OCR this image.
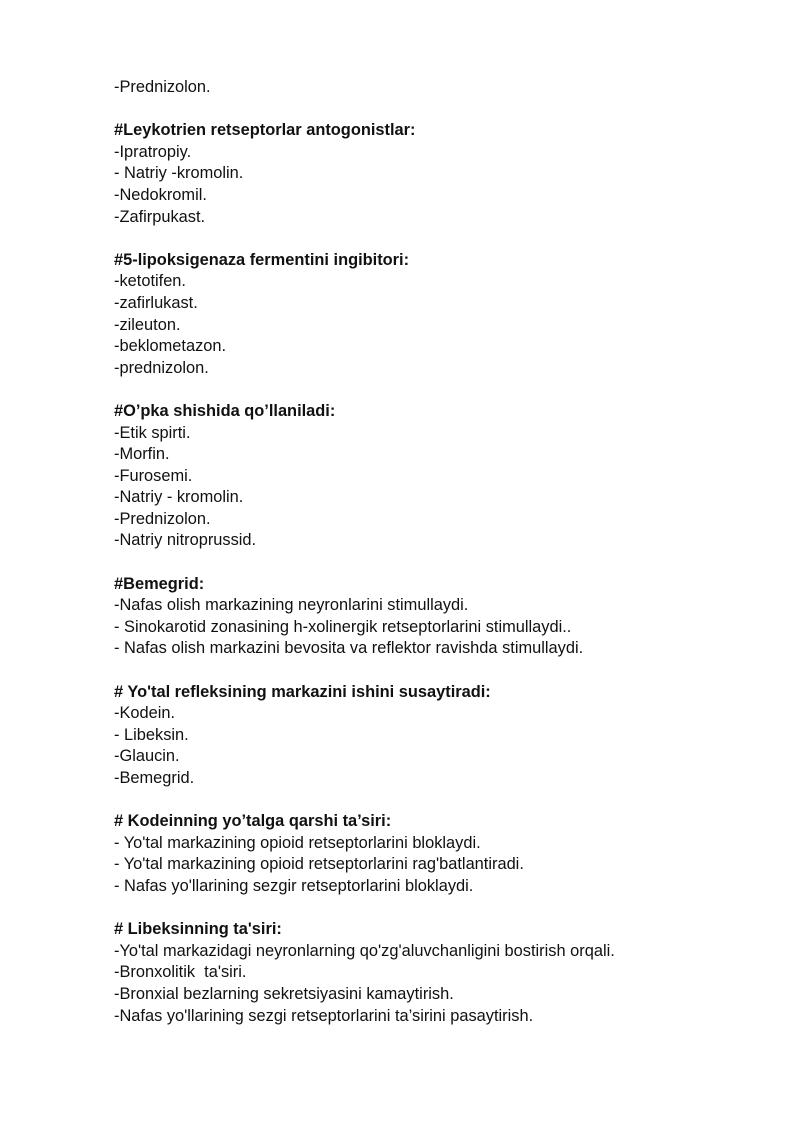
-Prednizolon.

#Leykotrien retseptorlar antogonistlar:

-Ipratropiy.

- Natriy -kromolin.

-Nedokromil.

-Zafirpukast.

#5-lipoksigenaza fermentini ingibitori:

-ketotifen.

-zafirlukast.

-zileuton.

-beklometazon.

-prednizolon.

#O’pka shishida qo’llaniladi:

-Etik spirti.

-Morfin.

-Furosemi.

-Natriy - kromolin.

-Prednizolon.

-Natriy nitroprussid.

#Bemegrid:

-Nafas olish markazining neyronlarini stimullaydi.

- Sinokarotid zonasining h-xolinergik retseptorlarini stimullaydi..

- Nafas olish markazini bevosita va reflektor ravishda stimullaydi.

# Yo'tal refleksining markazini ishini susaytiradi:

-Kodein.

- Libeksin.

-Glaucin.

-Bemegrid.

# Kodeinning yo’talga qarshi ta’siri:

- Yo'tal markazining opioid retseptorlarini bloklaydi.

- Yo'tal markazining opioid retseptorlarini rag'batlantiradi.

- Nafas yo'llarining sezgir retseptorlarini bloklaydi.

# Libeksinning ta'siri:

-Yo'tal markazidagi neyronlarning qo'zg'aluvchanligini bostirish orqali.

-Bronxolitik  ta'siri.

-Bronxial bezlarning sekretsiyasini kamaytirish.

-Nafas yo'llarining sezgi retseptorlarini ta’sirini pasaytirish.
